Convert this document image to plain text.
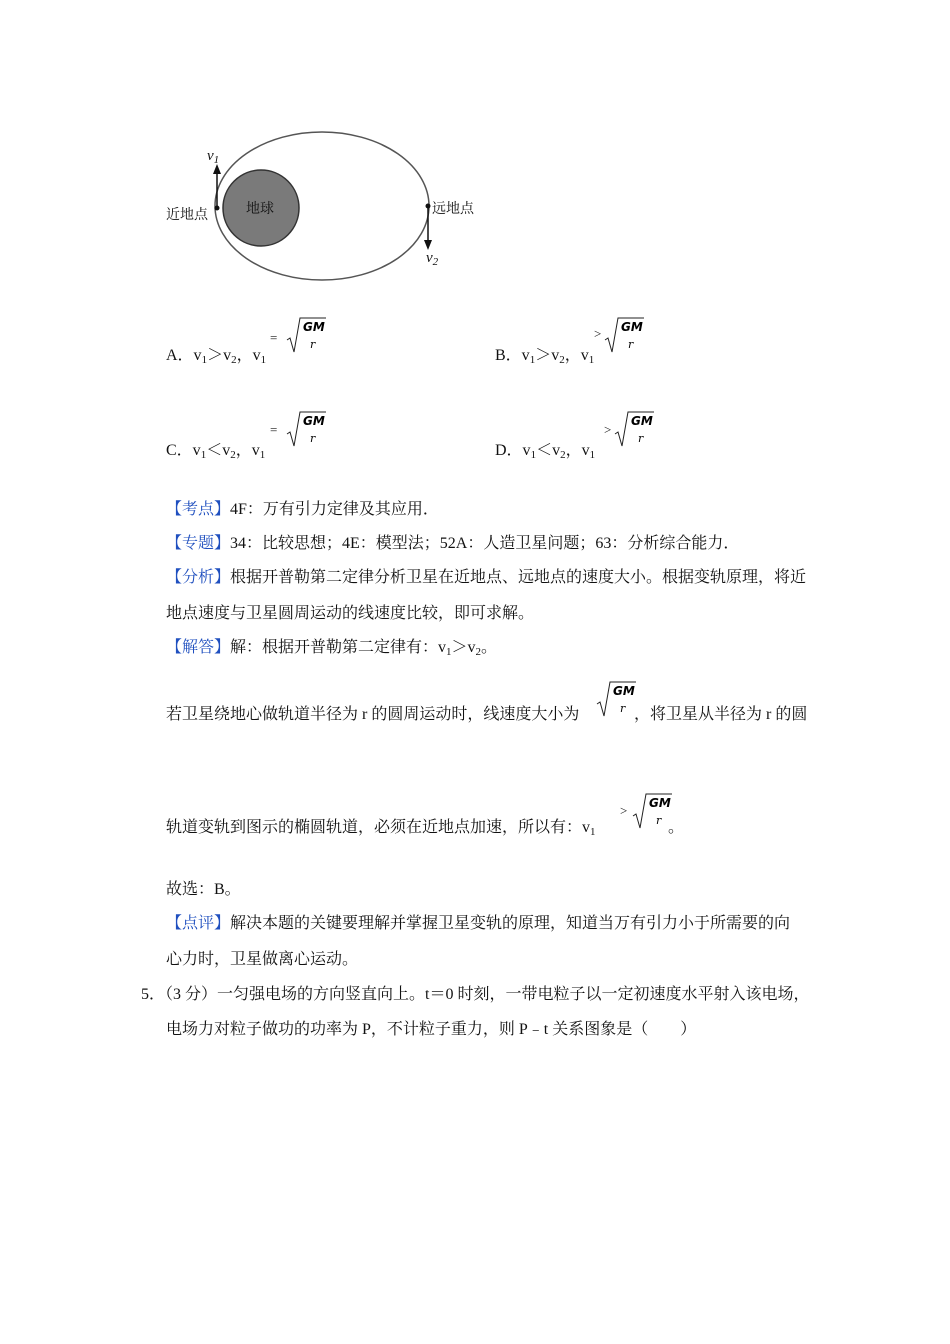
$v_1$
地球
近地点	远地点
$v_2$
A．$v_1>v_2$，$v_1$
=
B．$v_1>v_2$，$v_1$
>
C．$v_1<v_2$，$v_1$
=
D．$v_1<v_2$，$v_1$
>
GM
r
GM
r
GM
r
GM
r
【考点】4F：万有引力定律及其应用．
【专题】34：比较思想；4E：模型法；52A：人造卫星问题；63：分析综合能力．
【分析】根据开普勒第二定律分析卫星在近地点、远地点的速度大小。根据变轨原理，将近
地点速度与卫星圆周运动的线速度比较，即可求解。
【解答】解：根据开普勒第二定律有：$v_1>v_2$。
若卫星绕地心做轨道半径为 r 的圆周运动时，线速度大小为
GM
r ，将卫星从半径为 r 的圆
轨道变轨到图示的椭圆轨道，必须在近地点加速，所以有：$v_1$
> GM
r 。
故选：B。
【点评】解决本题的关键要理解并掌握卫星变轨的原理，知道当万有引力小于所需要的向
心力时，卫星做离心运动。
5．（3 分）一匀强电场的方向竖直向上。t＝0 时刻，一带电粒子以一定初速度水平射入该电场，
电场力对粒子做功的功率为 P，不计粒子重力，则 P﹣t 关系图象是（　　）
